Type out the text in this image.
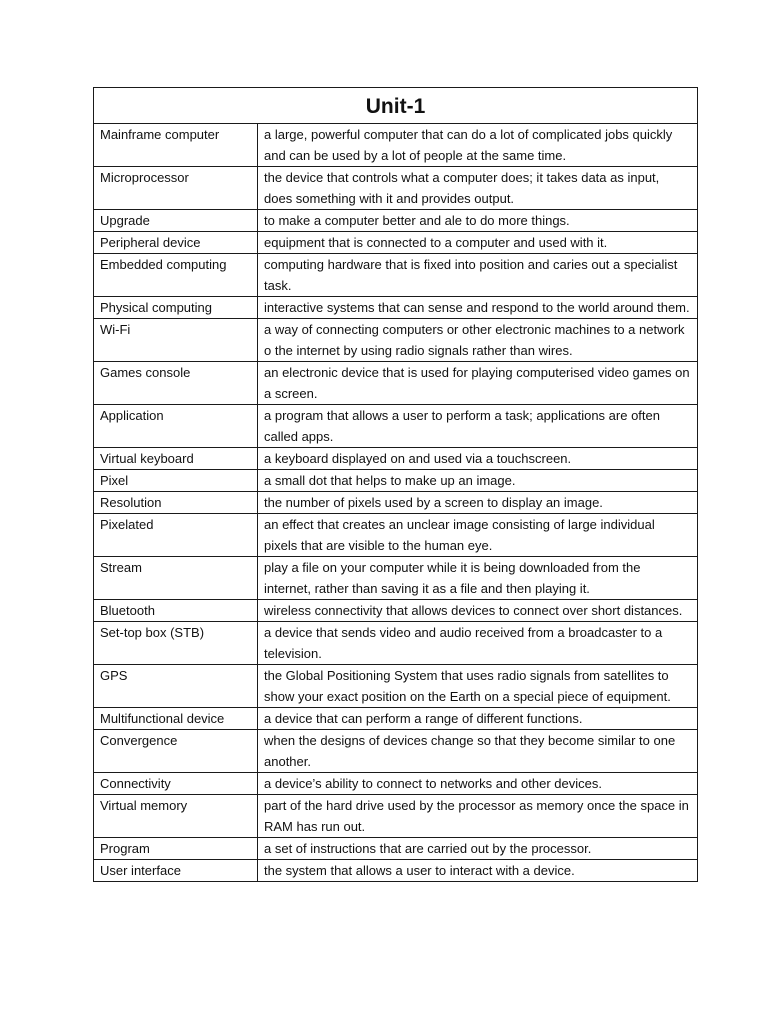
Unit-1	
Mainframe computer	a large, powerful computer that can do a lot of complicated jobs quickly and can be used by a lot of people at the same time.
Microprocessor	the device that controls what a computer does; it takes data as input, does something with it and provides output.
Upgrade	to make a computer better and ale to do more things.
Peripheral device	equipment that is connected to a computer and used with it.
Embedded computing	computing hardware that is fixed into position and caries out a specialist task.
Physical computing	interactive systems that can sense and respond to the world around them.
Wi-Fi	a way of connecting computers or other electronic machines to a network o the internet by using radio signals rather than wires.
Games console	an electronic device that is used for playing computerised video games on a screen.
Application	a program that allows a user to perform a task; applications are often called apps.
Virtual keyboard	a keyboard displayed on and used via a touchscreen.
Pixel	a small dot that helps to make up an image.
Resolution	the number of pixels used by a screen to display an image.
Pixelated	an effect that creates an unclear image consisting of large individual pixels that are visible to the human eye.
Stream	play a file on your computer while it is being downloaded from the internet, rather than saving it as a file and then playing it.
Bluetooth	wireless connectivity that allows devices to connect over short distances.
Set-top box (STB)	a device that sends video and audio received from a broadcaster to a television.
GPS	the Global Positioning System that uses radio signals from satellites to show your exact position on the Earth on a special piece of equipment.
Multifunctional device	a device that can perform a range of different functions.
Convergence	when the designs of devices change so that they become similar to one another.
Connectivity	a device’s ability to connect to networks and other devices.
Virtual memory	part of the hard drive used by the processor as memory once the space in RAM has run out.
Program	a set of instructions that are carried out by the processor.
User interface	the system that allows a user to interact with a device.
